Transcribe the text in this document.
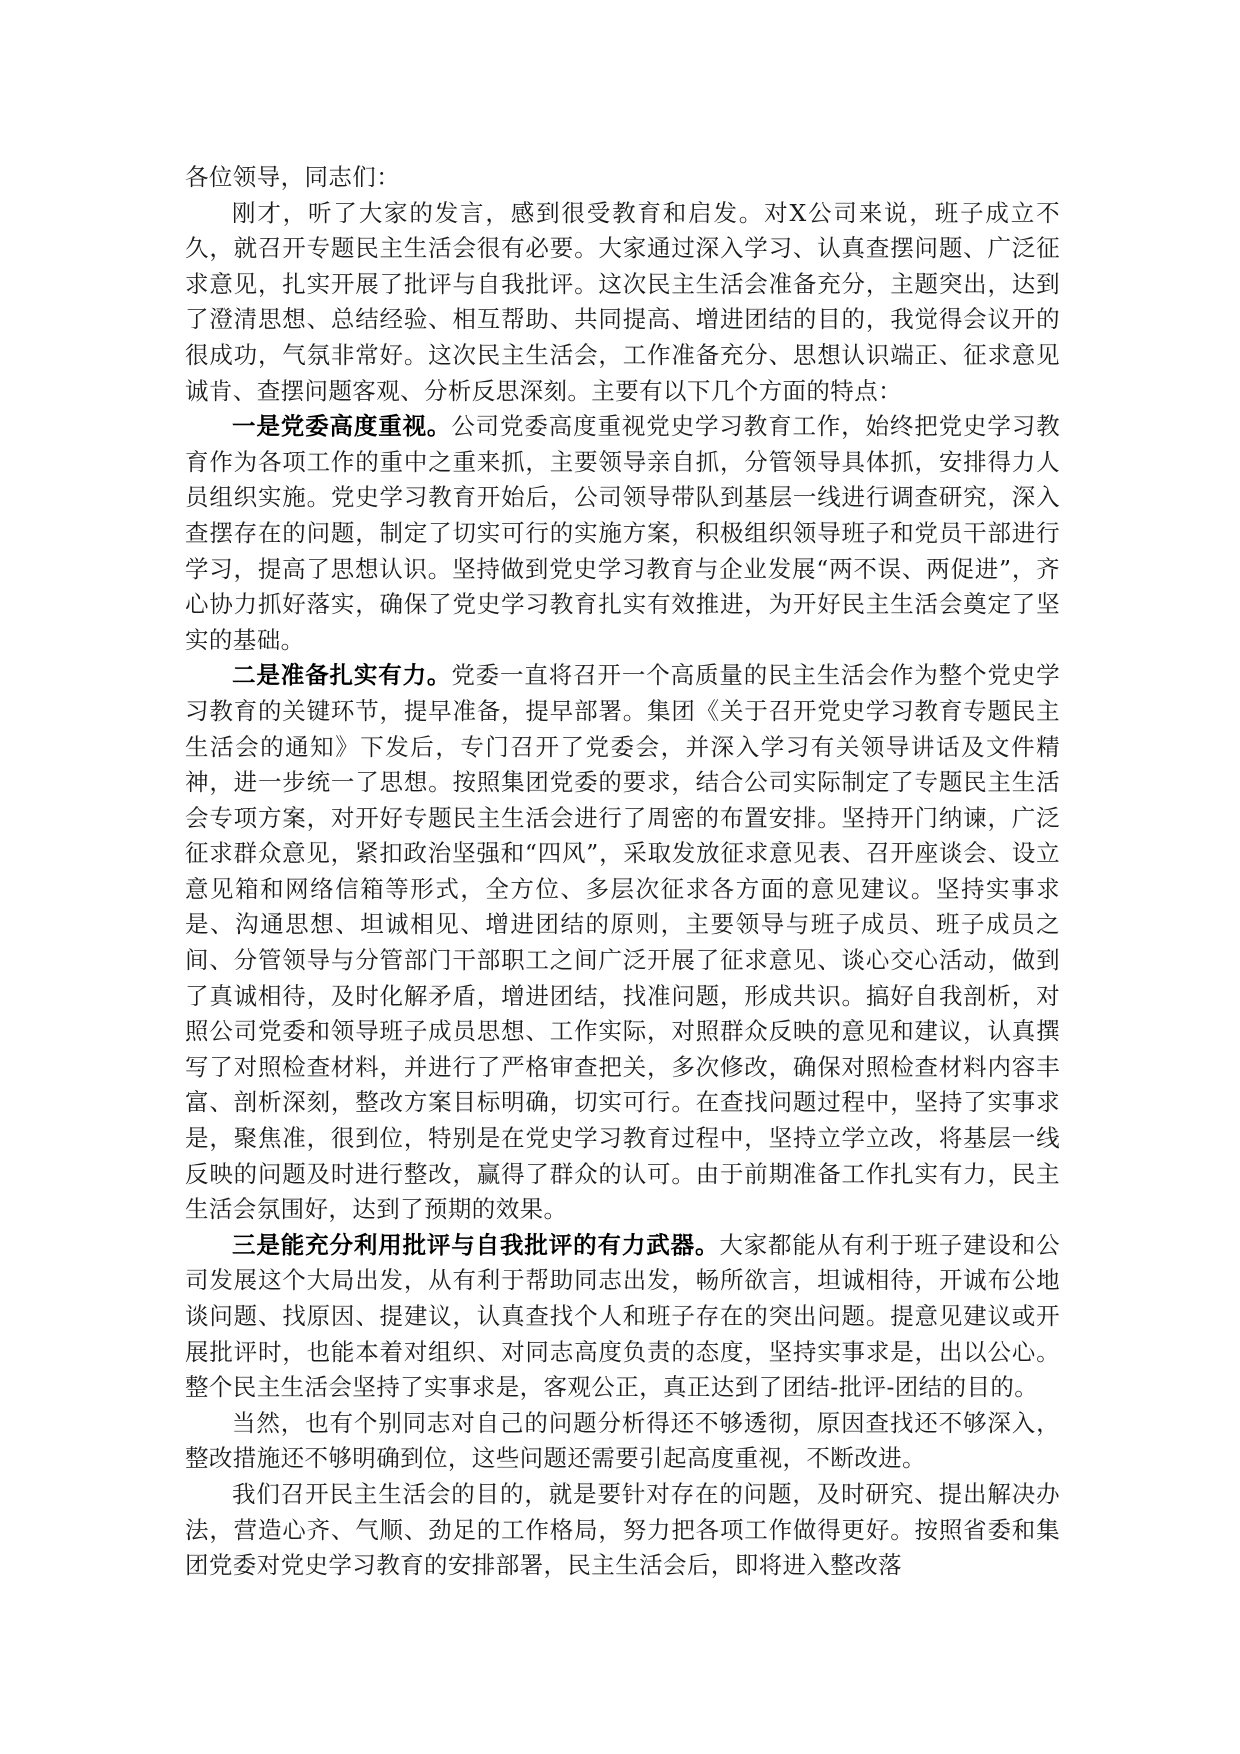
各位领导，同志们：

刚才，听了大家的发言，感到很受教育和启发。对X公司来说，班子成立不久，就召开专题民主生活会很有必要。大家通过深入学习、认真查摆问题、广泛征求意见，扎实开展了批评与自我批评。这次民主生活会准备充分，主题突出，达到了澄清思想、总结经验、相互帮助、共同提高、增进团结的目的，我觉得会议开的很成功，气氛非常好。这次民主生活会，工作准备充分、思想认识端正、征求意见诚肯、查摆问题客观、分析反思深刻。主要有以下几个方面的特点：

一是党委高度重视。公司党委高度重视党史学习教育工作，始终把党史学习教育作为各项工作的重中之重来抓，主要领导亲自抓，分管领导具体抓，安排得力人员组织实施。党史学习教育开始后，公司领导带队到基层一线进行调查研究，深入查摆存在的问题，制定了切实可行的实施方案，积极组织领导班子和党员干部进行学习，提高了思想认识。坚持做到党史学习教育与企业发展“两不误、两促进”，齐心协力抓好落实，确保了党史学习教育扎实有效推进，为开好民主生活会奠定了坚实的基础。

二是准备扎实有力。党委一直将召开一个高质量的民主生活会作为整个党史学习教育的关键环节，提早准备，提早部署。集团《关于召开党史学习教育专题民主生活会的通知》下发后，专门召开了党委会，并深入学习有关领导讲话及文件精神，进一步统一了思想。按照集团党委的要求，结合公司实际制定了专题民主生活会专项方案，对开好专题民主生活会进行了周密的布置安排。坚持开门纳谏，广泛征求群众意见，紧扣政治坚强和“四风”，采取发放征求意见表、召开座谈会、设立意见箱和网络信箱等形式，全方位、多层次征求各方面的意见建议。坚持实事求是、沟通思想、坦诚相见、增进团结的原则，主要领导与班子成员、班子成员之间、分管领导与分管部门干部职工之间广泛开展了征求意见、谈心交心活动，做到了真诚相待，及时化解矛盾，增进团结，找准问题，形成共识。搞好自我剖析，对照公司党委和领导班子成员思想、工作实际，对照群众反映的意见和建议，认真撰写了对照检查材料，并进行了严格审查把关，多次修改，确保对照检查材料内容丰富、剖析深刻，整改方案目标明确，切实可行。在查找问题过程中，坚持了实事求是，聚焦准，很到位，特别是在党史学习教育过程中，坚持立学立改，将基层一线反映的问题及时进行整改，赢得了群众的认可。由于前期准备工作扎实有力，民主生活会氛围好，达到了预期的效果。

三是能充分利用批评与自我批评的有力武器。大家都能从有利于班子建设和公司发展这个大局出发，从有利于帮助同志出发，畅所欲言，坦诚相待，开诚布公地谈问题、找原因、提建议，认真查找个人和班子存在的突出问题。提意见建议或开展批评时，也能本着对组织、对同志高度负责的态度，坚持实事求是，出以公心。整个民主生活会坚持了实事求是，客观公正，真正达到了团结-批评-团结的目的。

当然，也有个别同志对自己的问题分析得还不够透彻，原因查找还不够深入，整改措施还不够明确到位，这些问题还需要引起高度重视，不断改进。

我们召开民主生活会的目的，就是要针对存在的问题，及时研究、提出解决办法，营造心齐、气顺、劲足的工作格局，努力把各项工作做得更好。按照省委和集团党委对党史学习教育的安排部署，民主生活会后，即将进入整改落
